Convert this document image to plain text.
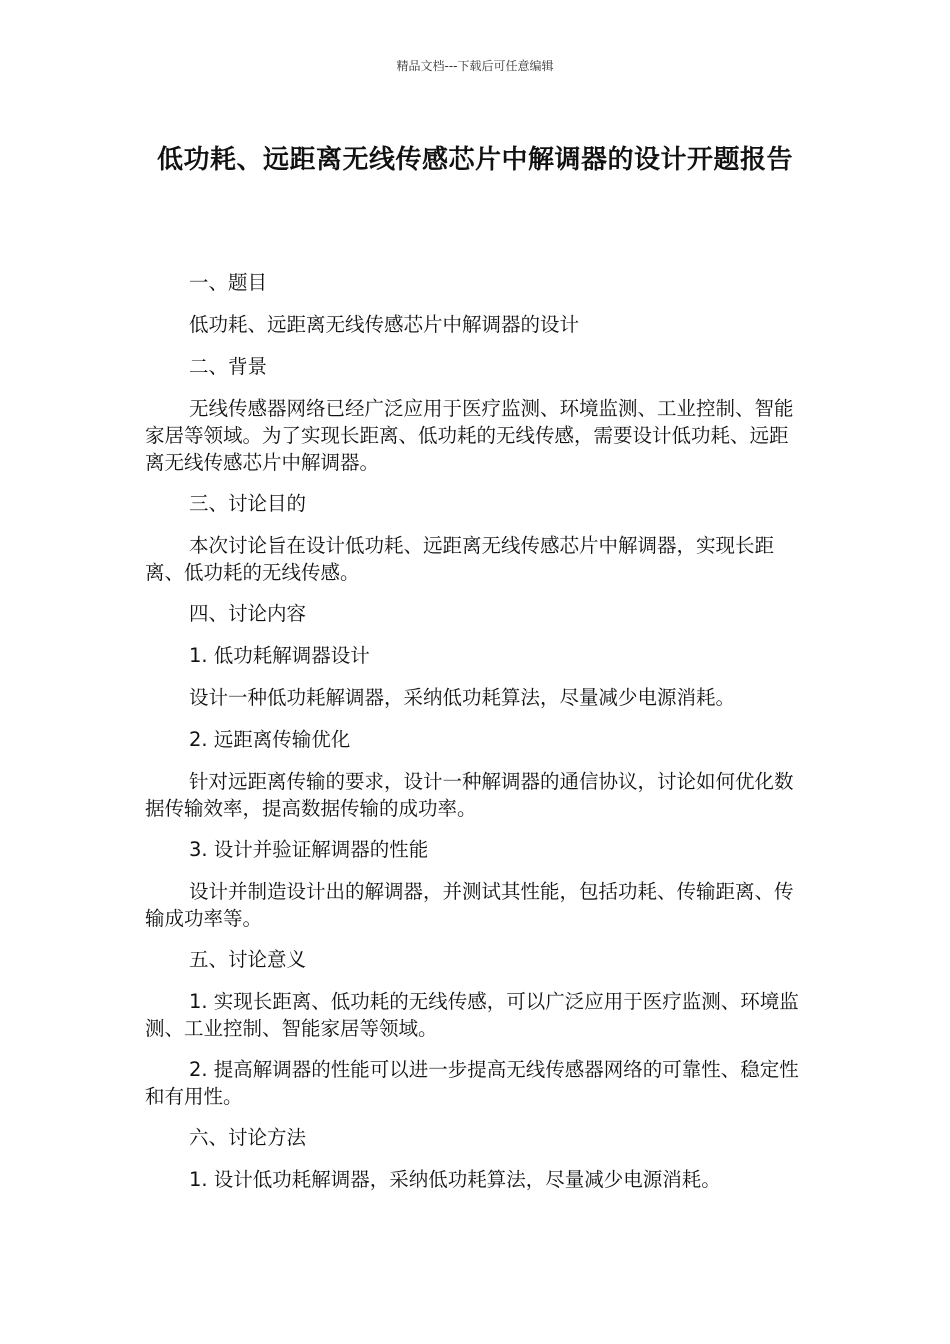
精品文档---下载后可任意编辑
低功耗、远距离无线传感芯片中解调器的设计开题报告

一、题目

低功耗、远距离无线传感芯片中解调器的设计

二、背景

无线传感器网络已经广泛应用于医疗监测、环境监测、工业控制、智能家居等领域。为了实现长距离、低功耗的无线传感，需要设计低功耗、远距离无线传感芯片中解调器。

三、讨论目的

本次讨论旨在设计低功耗、远距离无线传感芯片中解调器，实现长距离、低功耗的无线传感。

四、讨论内容

1. 低功耗解调器设计

设计一种低功耗解调器，采纳低功耗算法，尽量减少电源消耗。

2. 远距离传输优化

针对远距离传输的要求，设计一种解调器的通信协议，讨论如何优化数据传输效率，提高数据传输的成功率。

3. 设计并验证解调器的性能

设计并制造设计出的解调器，并测试其性能，包括功耗、传输距离、传输成功率等。

五、讨论意义

1. 实现长距离、低功耗的无线传感，可以广泛应用于医疗监测、环境监测、工业控制、智能家居等领域。

2. 提高解调器的性能可以进一步提高无线传感器网络的可靠性、稳定性和有用性。

六、讨论方法

1. 设计低功耗解调器，采纳低功耗算法，尽量减少电源消耗。
